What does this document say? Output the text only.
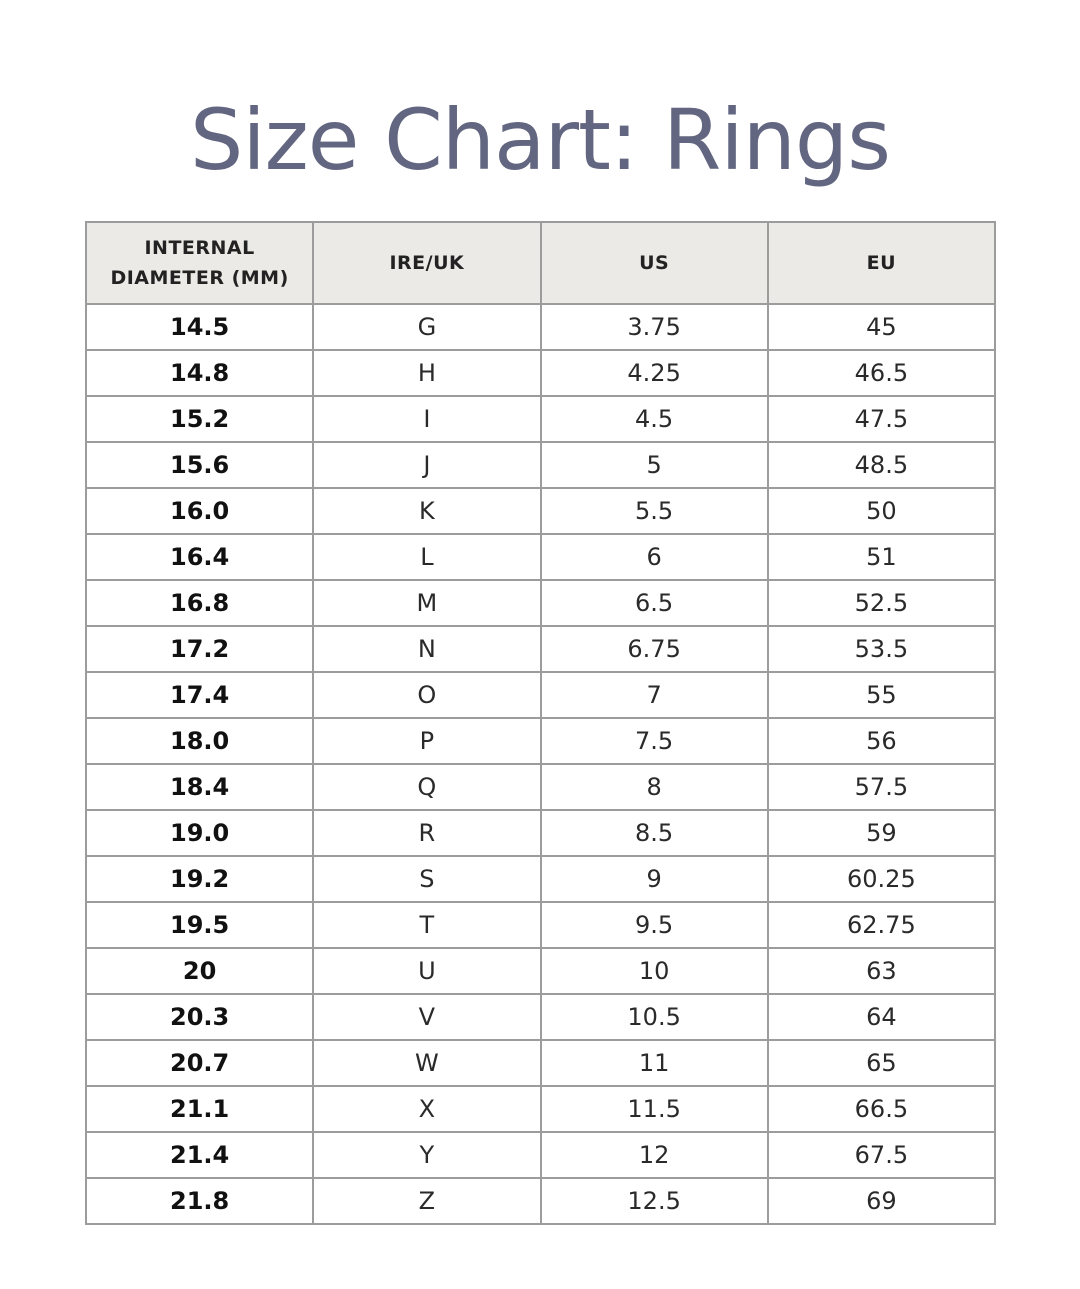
Size Chart: Rings
INTERNAL
DIAMETER (MM)	IRE/UK	US	EU
14.5	G	3.75	45
14.8	H	4.25	46.5
15.2	I	4.5	47.5
15.6	J	5	48.5
16.0	K	5.5	50
16.4	L	6	51
16.8	M	6.5	52.5
17.2	N	6.75	53.5
17.4	O	7	55
18.0	P	7.5	56
18.4	Q	8	57.5
19.0	R	8.5	59
19.2	S	9	60.25
19.5	T	9.5	62.75
20	U	10	63
20.3	V	10.5	64
20.7	W	11	65
21.1	X	11.5	66.5
21.4	Y	12	67.5
21.8	Z	12.5	69
